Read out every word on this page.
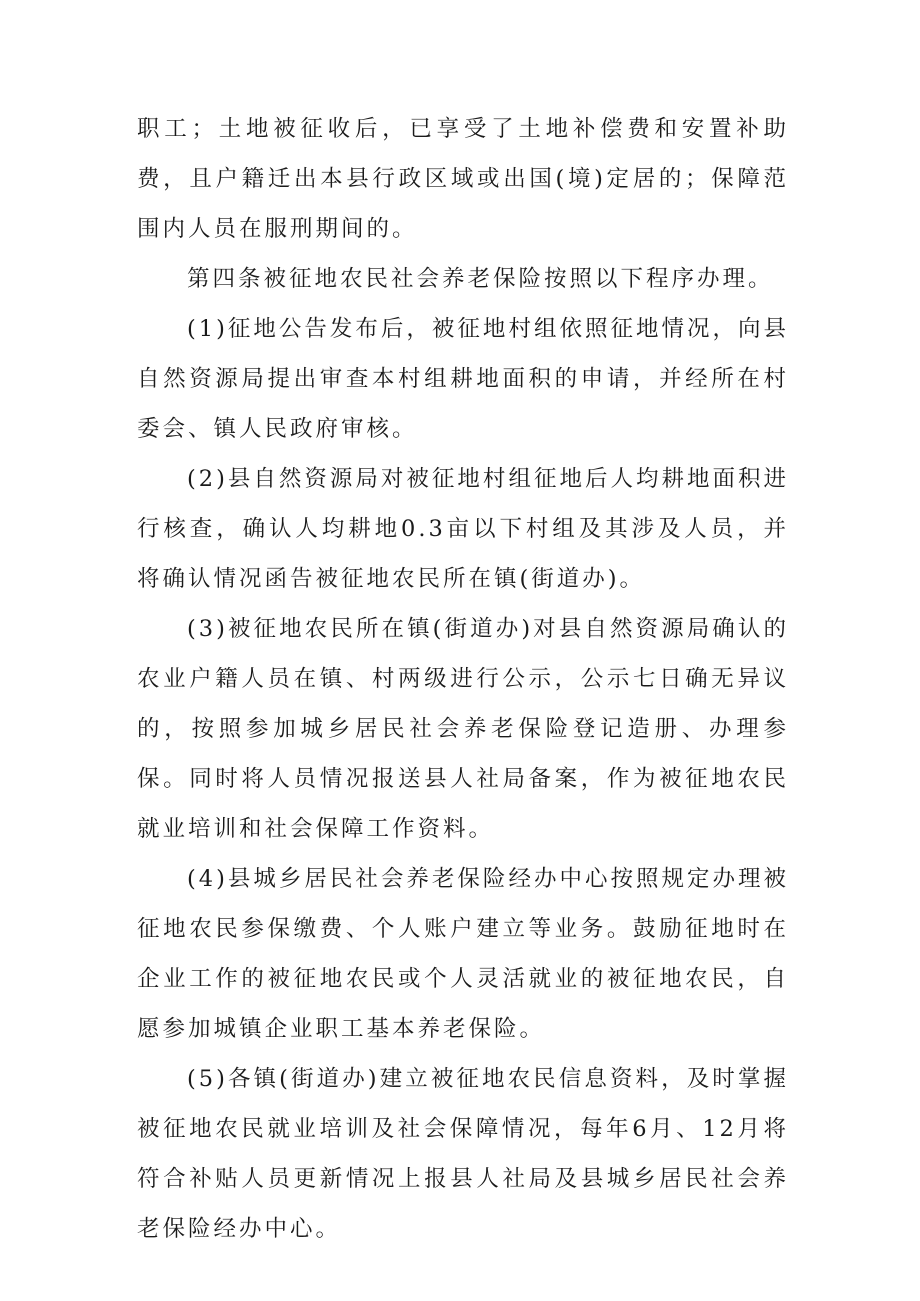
职工；土地被征收后，已享受了土地补偿费和安置补助费，且户籍迁出本县行政区域或出国(境)定居的；保障范围内人员在服刑期间的。

第四条被征地农民社会养老保险按照以下程序办理。

(1)征地公告发布后，被征地村组依照征地情况，向县自然资源局提出审查本村组耕地面积的申请，并经所在村委会、镇人民政府审核。

(2)县自然资源局对被征地村组征地后人均耕地面积进行核查，确认人均耕地0.3亩以下村组及其涉及人员，并将确认情况函告被征地农民所在镇(街道办)。

(3)被征地农民所在镇(街道办)对县自然资源局确认的农业户籍人员在镇、村两级进行公示，公示七日确无异议的，按照参加城乡居民社会养老保险登记造册、办理参保。同时将人员情况报送县人社局备案，作为被征地农民就业培训和社会保障工作资料。

(4)县城乡居民社会养老保险经办中心按照规定办理被征地农民参保缴费、个人账户建立等业务。鼓励征地时在企业工作的被征地农民或个人灵活就业的被征地农民，自愿参加城镇企业职工基本养老保险。

(5)各镇(街道办)建立被征地农民信息资料，及时掌握被征地农民就业培训及社会保障情况，每年6月、12月将符合补贴人员更新情况上报县人社局及县城乡居民社会养老保险经办中心。
